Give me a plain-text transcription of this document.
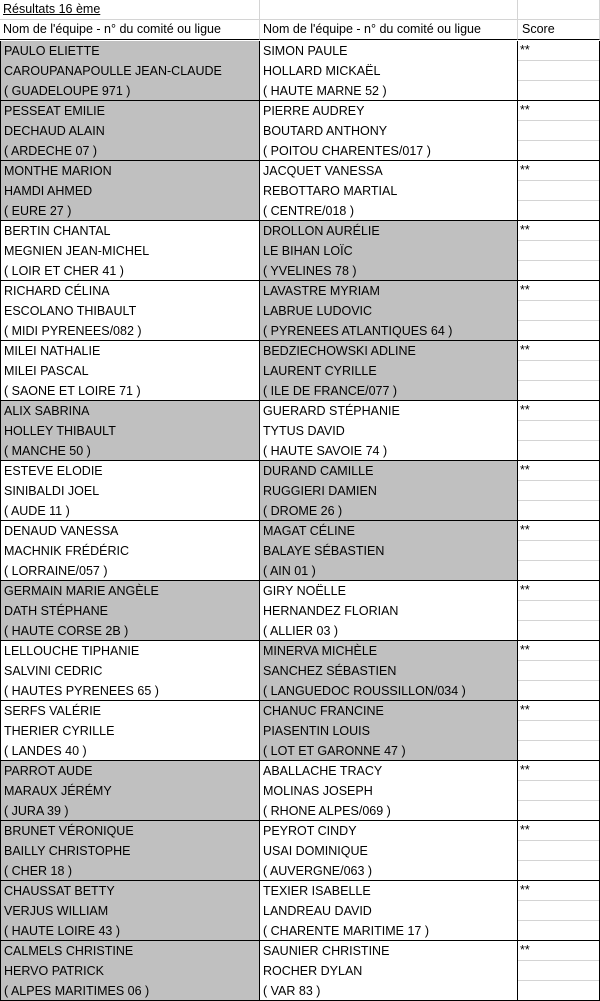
Résultats 16 ème
Nom de l'équipe - n° du comité ou ligue	Nom de l'équipe - n° du comité ou ligue	Score
PAULO ELIETTE
CAROUPANAPOULLE JEAN-CLAUDE
( GUADELOUPE 971 )
SIMON PAULE
HOLLARD MICKAËL
( HAUTE MARNE 52 )
**
PESSEAT EMILIE
DECHAUD ALAIN
( ARDECHE 07 )
PIERRE AUDREY
BOUTARD ANTHONY
( POITOU CHARENTES/017 )
**
MONTHE MARION
HAMDI AHMED
( EURE 27 )
JACQUET VANESSA
REBOTTARO MARTIAL
( CENTRE/018 )
**
BERTIN CHANTAL
MEGNIEN JEAN-MICHEL
( LOIR ET CHER 41 )
DROLLON AURÉLIE
LE BIHAN LOÏC
( YVELINES 78 )
**
RICHARD CÉLINA
ESCOLANO THIBAULT
( MIDI PYRENEES/082 )
LAVASTRE MYRIAM
LABRUE LUDOVIC
( PYRENEES ATLANTIQUES 64 )
**
MILEI NATHALIE
MILEI PASCAL
( SAONE ET LOIRE 71 )
BEDZIECHOWSKI ADLINE
LAURENT CYRILLE
( ILE DE FRANCE/077 )
**
ALIX SABRINA
HOLLEY THIBAULT
( MANCHE 50 )
GUERARD STÉPHANIE
TYTUS DAVID
( HAUTE SAVOIE 74 )
**
ESTEVE ELODIE
SINIBALDI JOEL
( AUDE 11 )
DURAND CAMILLE
RUGGIERI DAMIEN
( DROME 26 )
**
DENAUD VANESSA
MACHNIK FRÉDÉRIC
( LORRAINE/057 )
MAGAT CÉLINE
BALAYE SÉBASTIEN
( AIN 01 )
**
GERMAIN MARIE ANGÈLE
DATH STÉPHANE
( HAUTE CORSE 2B )
GIRY NOËLLE
HERNANDEZ FLORIAN
( ALLIER 03 )
**
LELLOUCHE TIPHANIE
SALVINI CEDRIC
( HAUTES PYRENEES 65 )
MINERVA MICHÈLE
SANCHEZ SÉBASTIEN
( LANGUEDOC ROUSSILLON/034 )
**
SERFS VALÉRIE
THERIER CYRILLE
( LANDES 40 )
CHANUC FRANCINE
PIASENTIN LOUIS
( LOT ET GARONNE 47 )
**
PARROT AUDE
MARAUX JÉRÉMY
( JURA 39 )
ABALLACHE TRACY
MOLINAS JOSEPH
( RHONE ALPES/069 )
**
BRUNET VÉRONIQUE
BAILLY CHRISTOPHE
( CHER 18 )
PEYROT CINDY
USAI DOMINIQUE
( AUVERGNE/063 )
**
CHAUSSAT BETTY
VERJUS WILLIAM
( HAUTE LOIRE 43 )
TEXIER ISABELLE
LANDREAU DAVID
( CHARENTE MARITIME 17 )
**
CALMELS CHRISTINE
HERVO PATRICK
( ALPES MARITIMES 06 )
SAUNIER CHRISTINE
ROCHER DYLAN
( VAR 83 )
**
